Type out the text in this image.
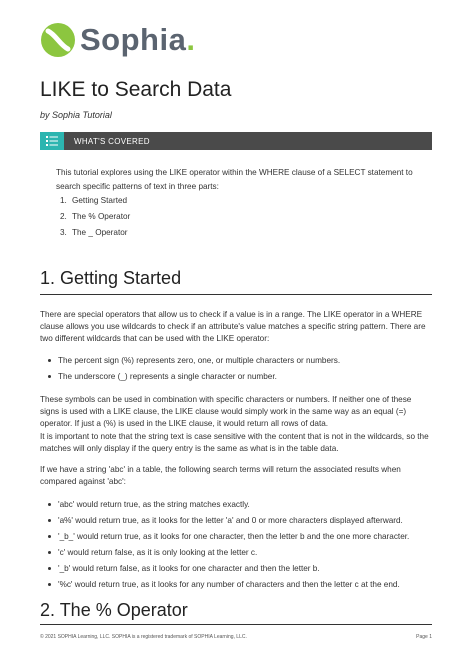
Sophia.
LIKE to Search Data
by Sophia Tutorial
WHAT'S COVERED
This tutorial explores using the LIKE operator within the WHERE clause of a SELECT statement to search specific patterns of text in three parts:
1. Getting Started
2. The % Operator
3. The _ Operator
1. Getting Started

There are special operators that allow us to check if a value is in a range. The LIKE operator in a WHERE clause allows you use wildcards to check if an attribute's value matches a specific string pattern. There are two different wildcards that can be used with the LIKE operator:

The percent sign (%) represents zero, one, or multiple characters or numbers.
The underscore (_) represents a single character or number.

These symbols can be used in combination with specific characters or numbers. If neither one of these signs is used with a LIKE clause, the LIKE clause would simply work in the same way as an equal (=) operator. If just a (%) is used in the LIKE clause, it would return all rows of data.

It is important to note that the string text is case sensitive with the content that is not in the wildcards, so the matches will only display if the query entry is the same as what is in the table data.

If we have a string 'abc' in a table, the following search terms will return the associated results when compared against 'abc':

'abc' would return true, as the string matches exactly.
'a%' would return true, as it looks for the letter 'a' and 0 or more characters displayed afterward.
'_b_' would return true, as it looks for one character, then the letter b and the one more character.
'c' would return false, as it is only looking at the letter c.
'_b' would return false, as it looks for one character and then the letter b.
'%c' would return true, as it looks for any number of characters and then the letter c at the end.
2. The % Operator
© 2021 SOPHIA Learning, LLC. SOPHIA is a registered trademark of SOPHIA Learning, LLC.	Page 1
